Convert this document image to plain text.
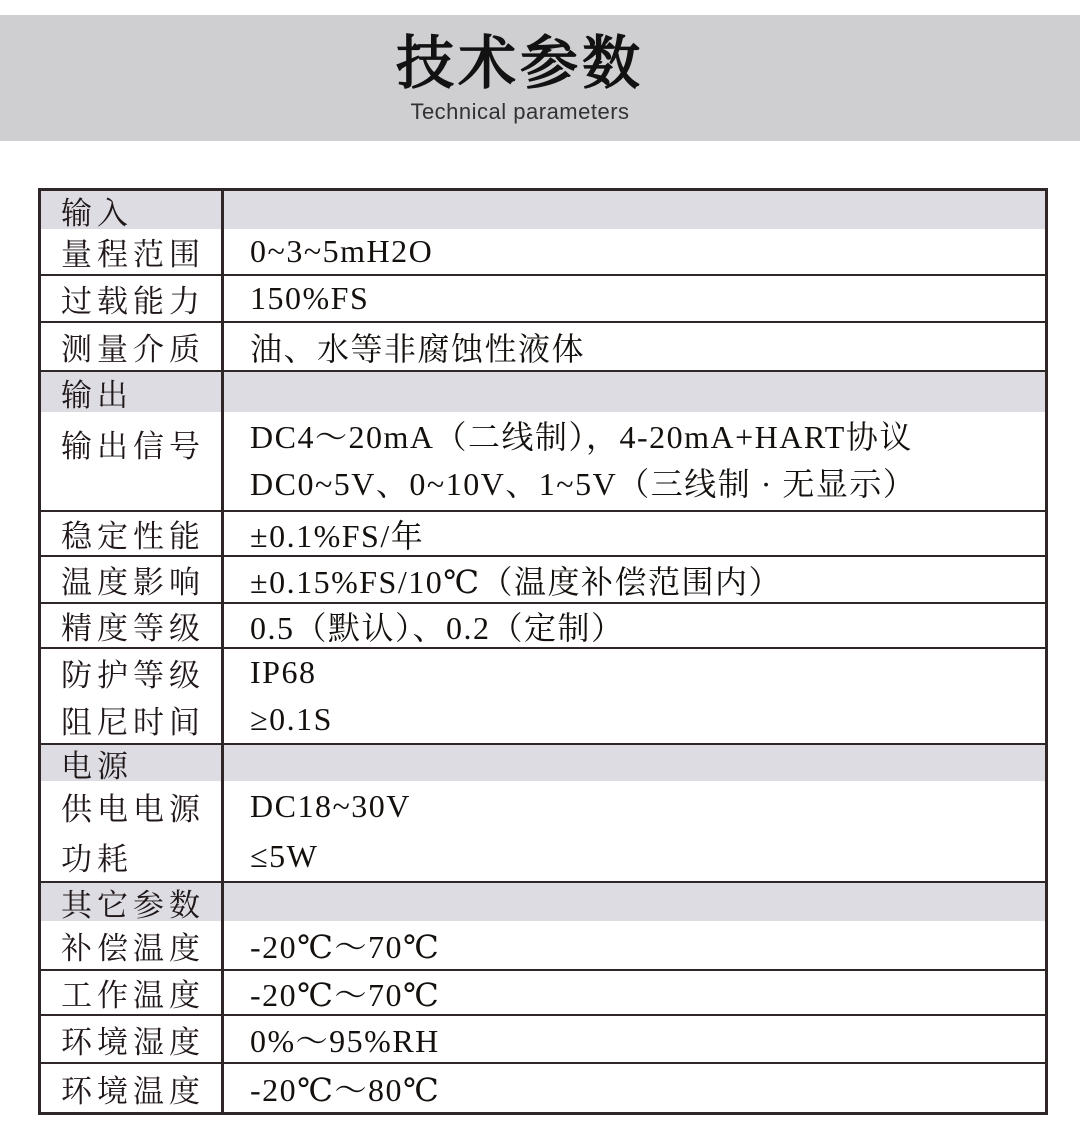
技术参数
Technical parameters
输入
量程范围	0~3~5mH2O
过载能力	150%FS
测量介质	油、水等非腐蚀性液体
输出
输出信号	DC4～20mA（二线制），4-20mA+HART协议
DC0~5V、0~10V、1~5V（三线制 · 无显示）
稳定性能	±0.1%FS/年
温度影响	±0.15%FS/10℃（温度补偿范围内）
精度等级	0.5（默认）、0.2（定制）
防护等级	IP68
阻尼时间	≥0.1S
电源
供电电源	DC18~30V
功耗	≤5W
其它参数
补偿温度	-20℃～70℃
工作温度	-20℃～70℃
环境湿度	0%～95%RH
环境温度	-20℃～80℃
